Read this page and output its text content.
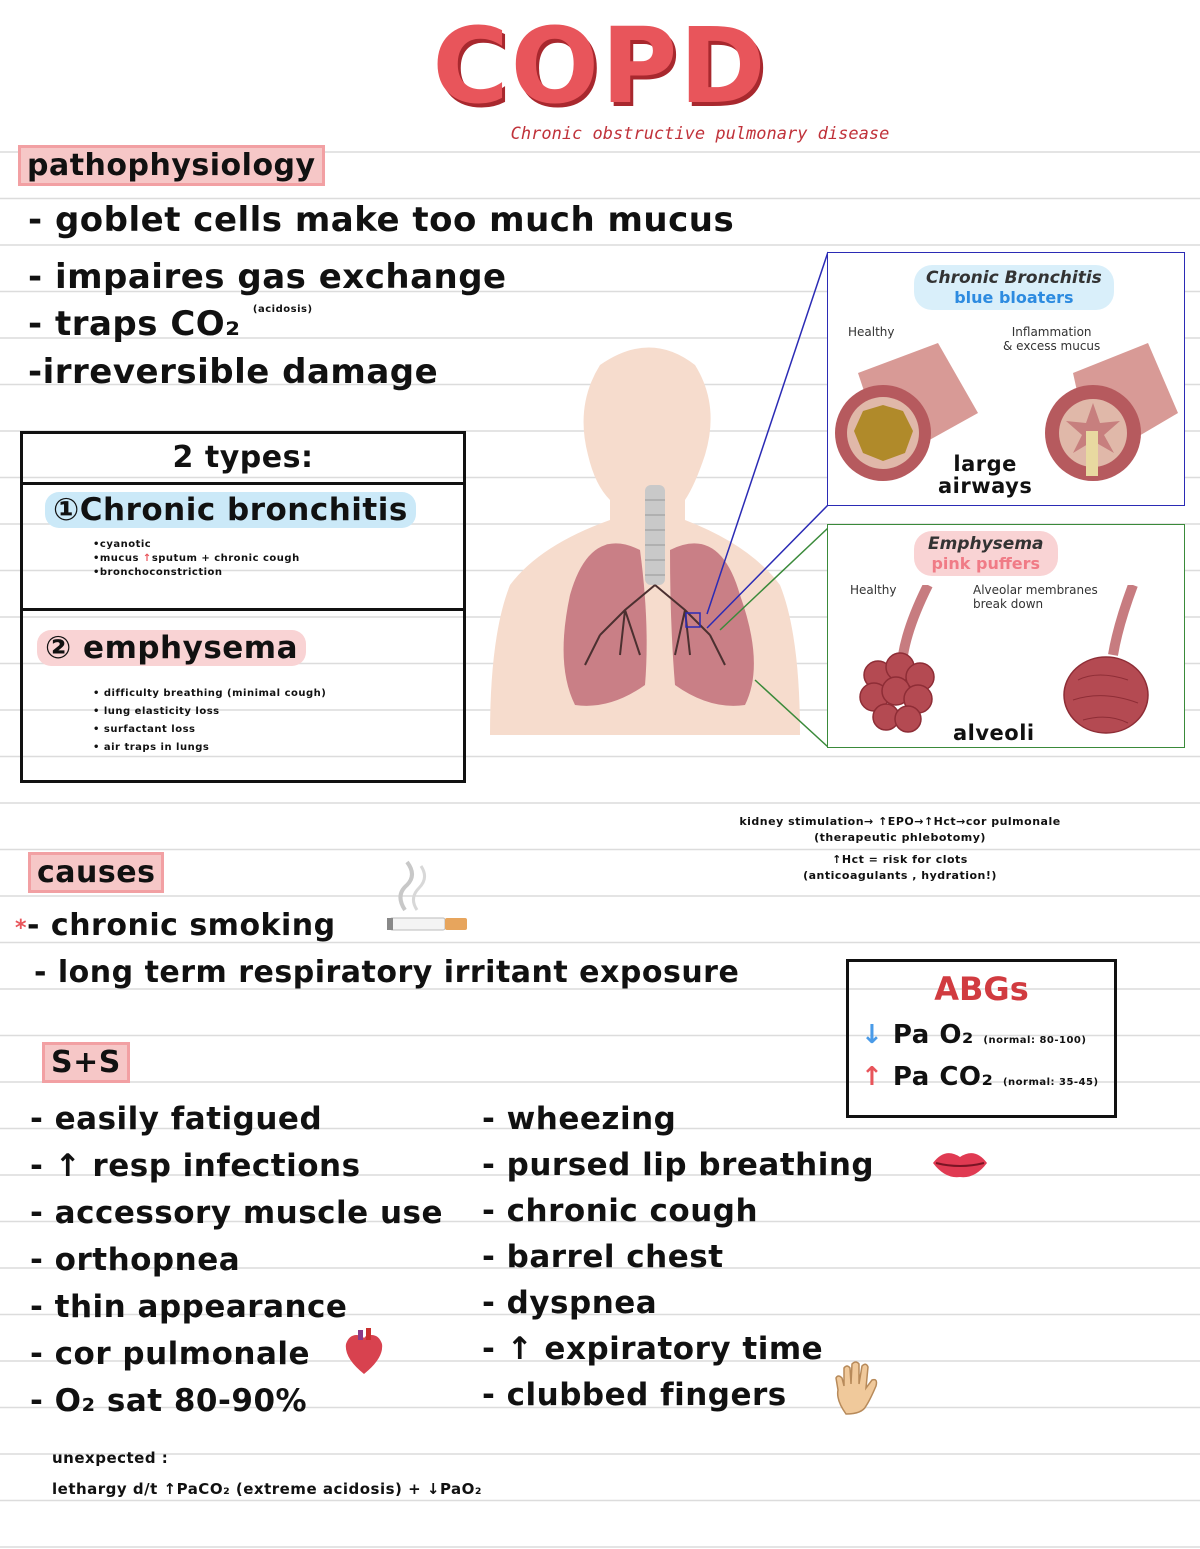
COPD
Chronic obstructive pulmonary disease
pathophysiology
- goblet cells make too much mucus
- impaires gas exchange
- traps CO₂ $^{(acidosis)}$
-irreversible damage
2 types:
①Chronic bronchitis
•cyanotic
•mucus ↑sputum + chronic cough
•bronchoconstriction
② emphysema
• difficulty breathing (minimal cough)
• lung elasticity loss
• surfactant loss
• air traps in lungs
Chronic Bronchitis
blue bloaters
Healthy	Inflammation
& excess mucus
large
airways
Emphysema
pink puffers
Healthy	Alveolar membranes
break down
alveoli
kidney stimulation→ ↑EPO→↑Hct→cor pulmonale
(therapeutic phlebotomy)
↑Hct = risk for clots
(anticoagulants , hydration!)
causes
*- chronic smoking
- long term respiratory irritant exposure	ABGs
↓ Pa O₂ (normal: 80-100)
↑ Pa CO₂ (normal: 35-45)
S+S
- easily fatigued
- ↑ resp infections
- accessory muscle use
- orthopnea
- thin appearance
- cor pulmonale
- O₂ sat 80-90%
- wheezing
- pursed lip breathing
- chronic cough
- barrel chest
- dyspnea
- ↑ expiratory time
- clubbed fingers
unexpected :
lethargy d/t ↑PaCO₂ (extreme acidosis) + ↓PaO₂
